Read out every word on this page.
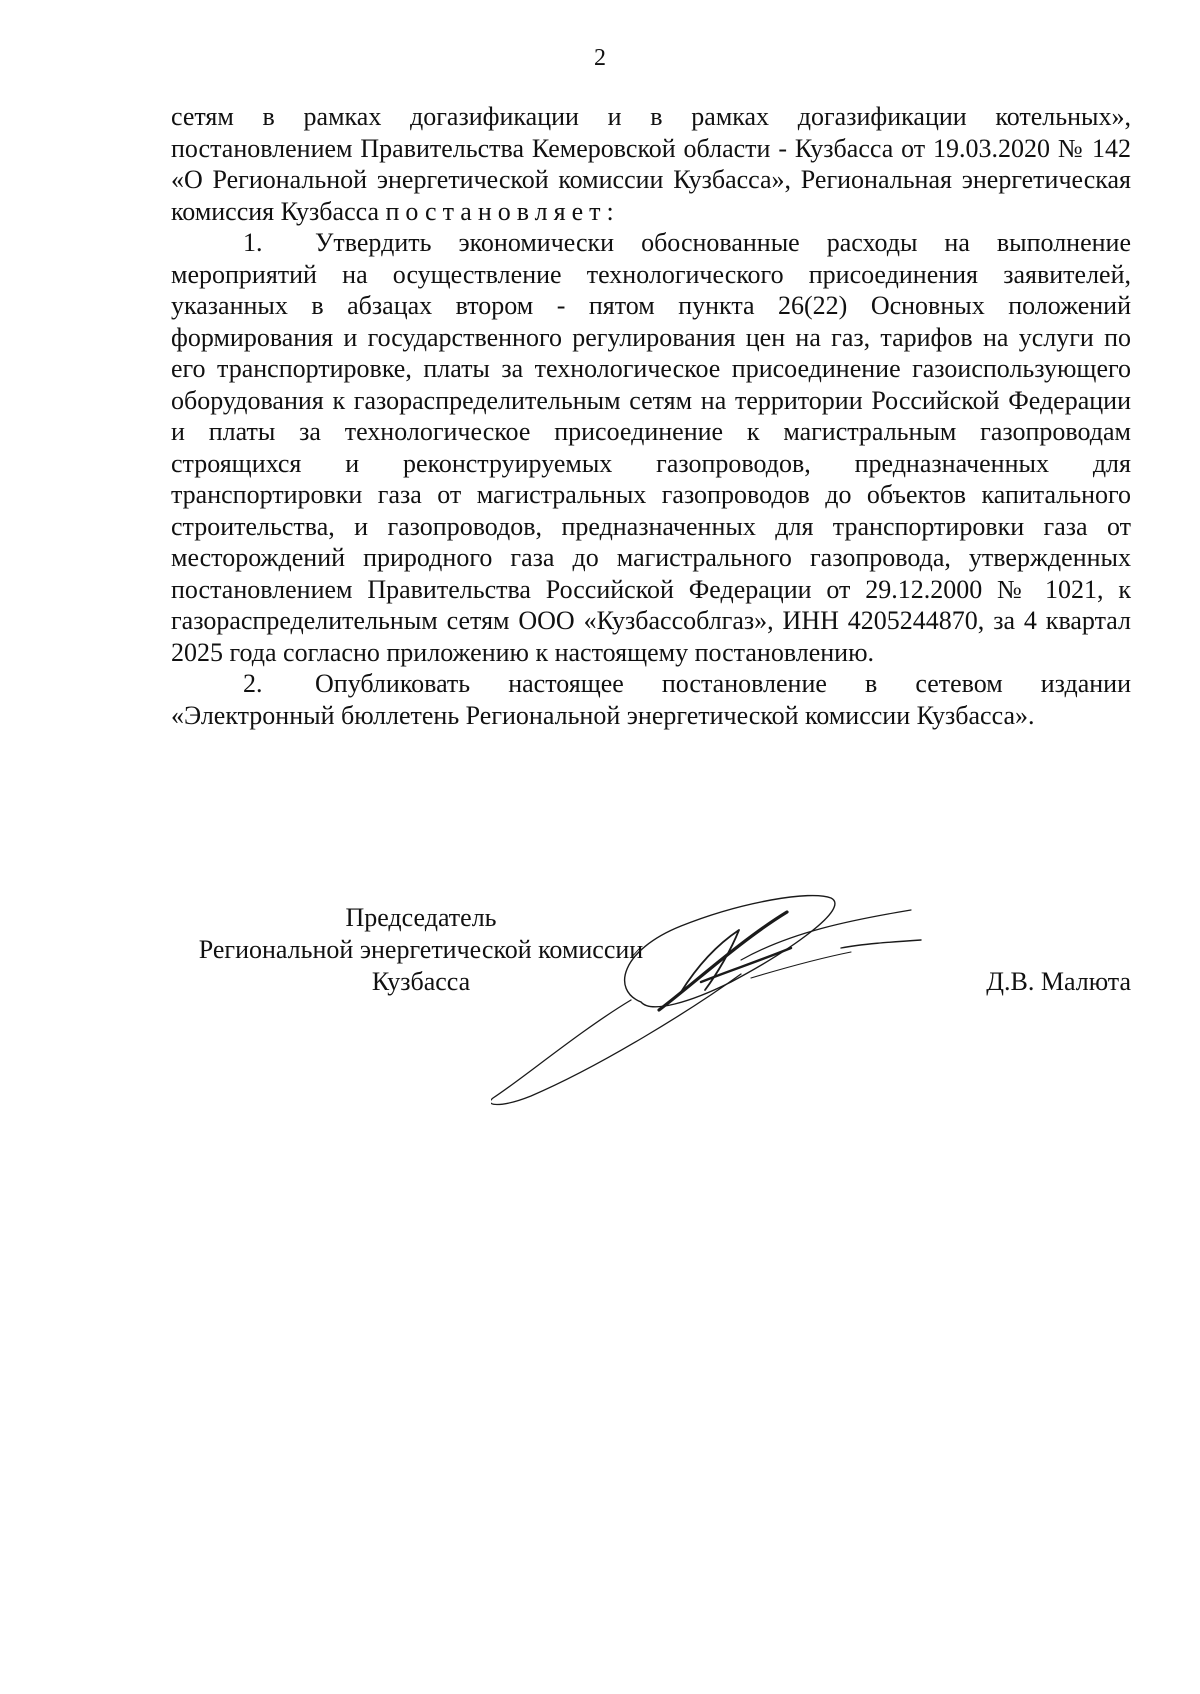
2

сетям в рамках догазификации и в рамках догазификации котельных», постановлением Правительства Кемеровской области - Кузбасса от 19.03.2020 № 142 «О Региональной энергетической комиссии Кузбасса», Региональная энергетическая комиссия Кузбасса постановляет:

1. Утвердить экономически обоснованные расходы на выполнение мероприятий на осуществление технологического присоединения заявителей, указанных в абзацах втором - пятом пункта 26(22) Основных положений формирования и государственного регулирования цен на газ, тарифов на услуги по его транспортировке, платы за технологическое присоединение газоиспользующего оборудования к газораспределительным сетям на территории Российской Федерации и платы за технологическое присоединение к магистральным газопроводам строящихся и реконструируемых газопроводов, предназначенных для транспортировки газа от магистральных газопроводов до объектов капитального строительства, и газопроводов, предназначенных для транспортировки газа от месторождений природного газа до магистрального газопровода, утвержденных постановлением Правительства Российской Федерации от 29.12.2000 № 1021, к газораспределительным сетям ООО «Кузбассоблгаз», ИНН 4205244870, за 4 квартал 2025 года согласно приложению к настоящему постановлению.

2. Опубликовать настоящее постановление в сетевом издании «Электронный бюллетень Региональной энергетической комиссии Кузбасса».

Председатель
Региональной энергетической комиссии
Кузбасса	Д.В. Малюта
